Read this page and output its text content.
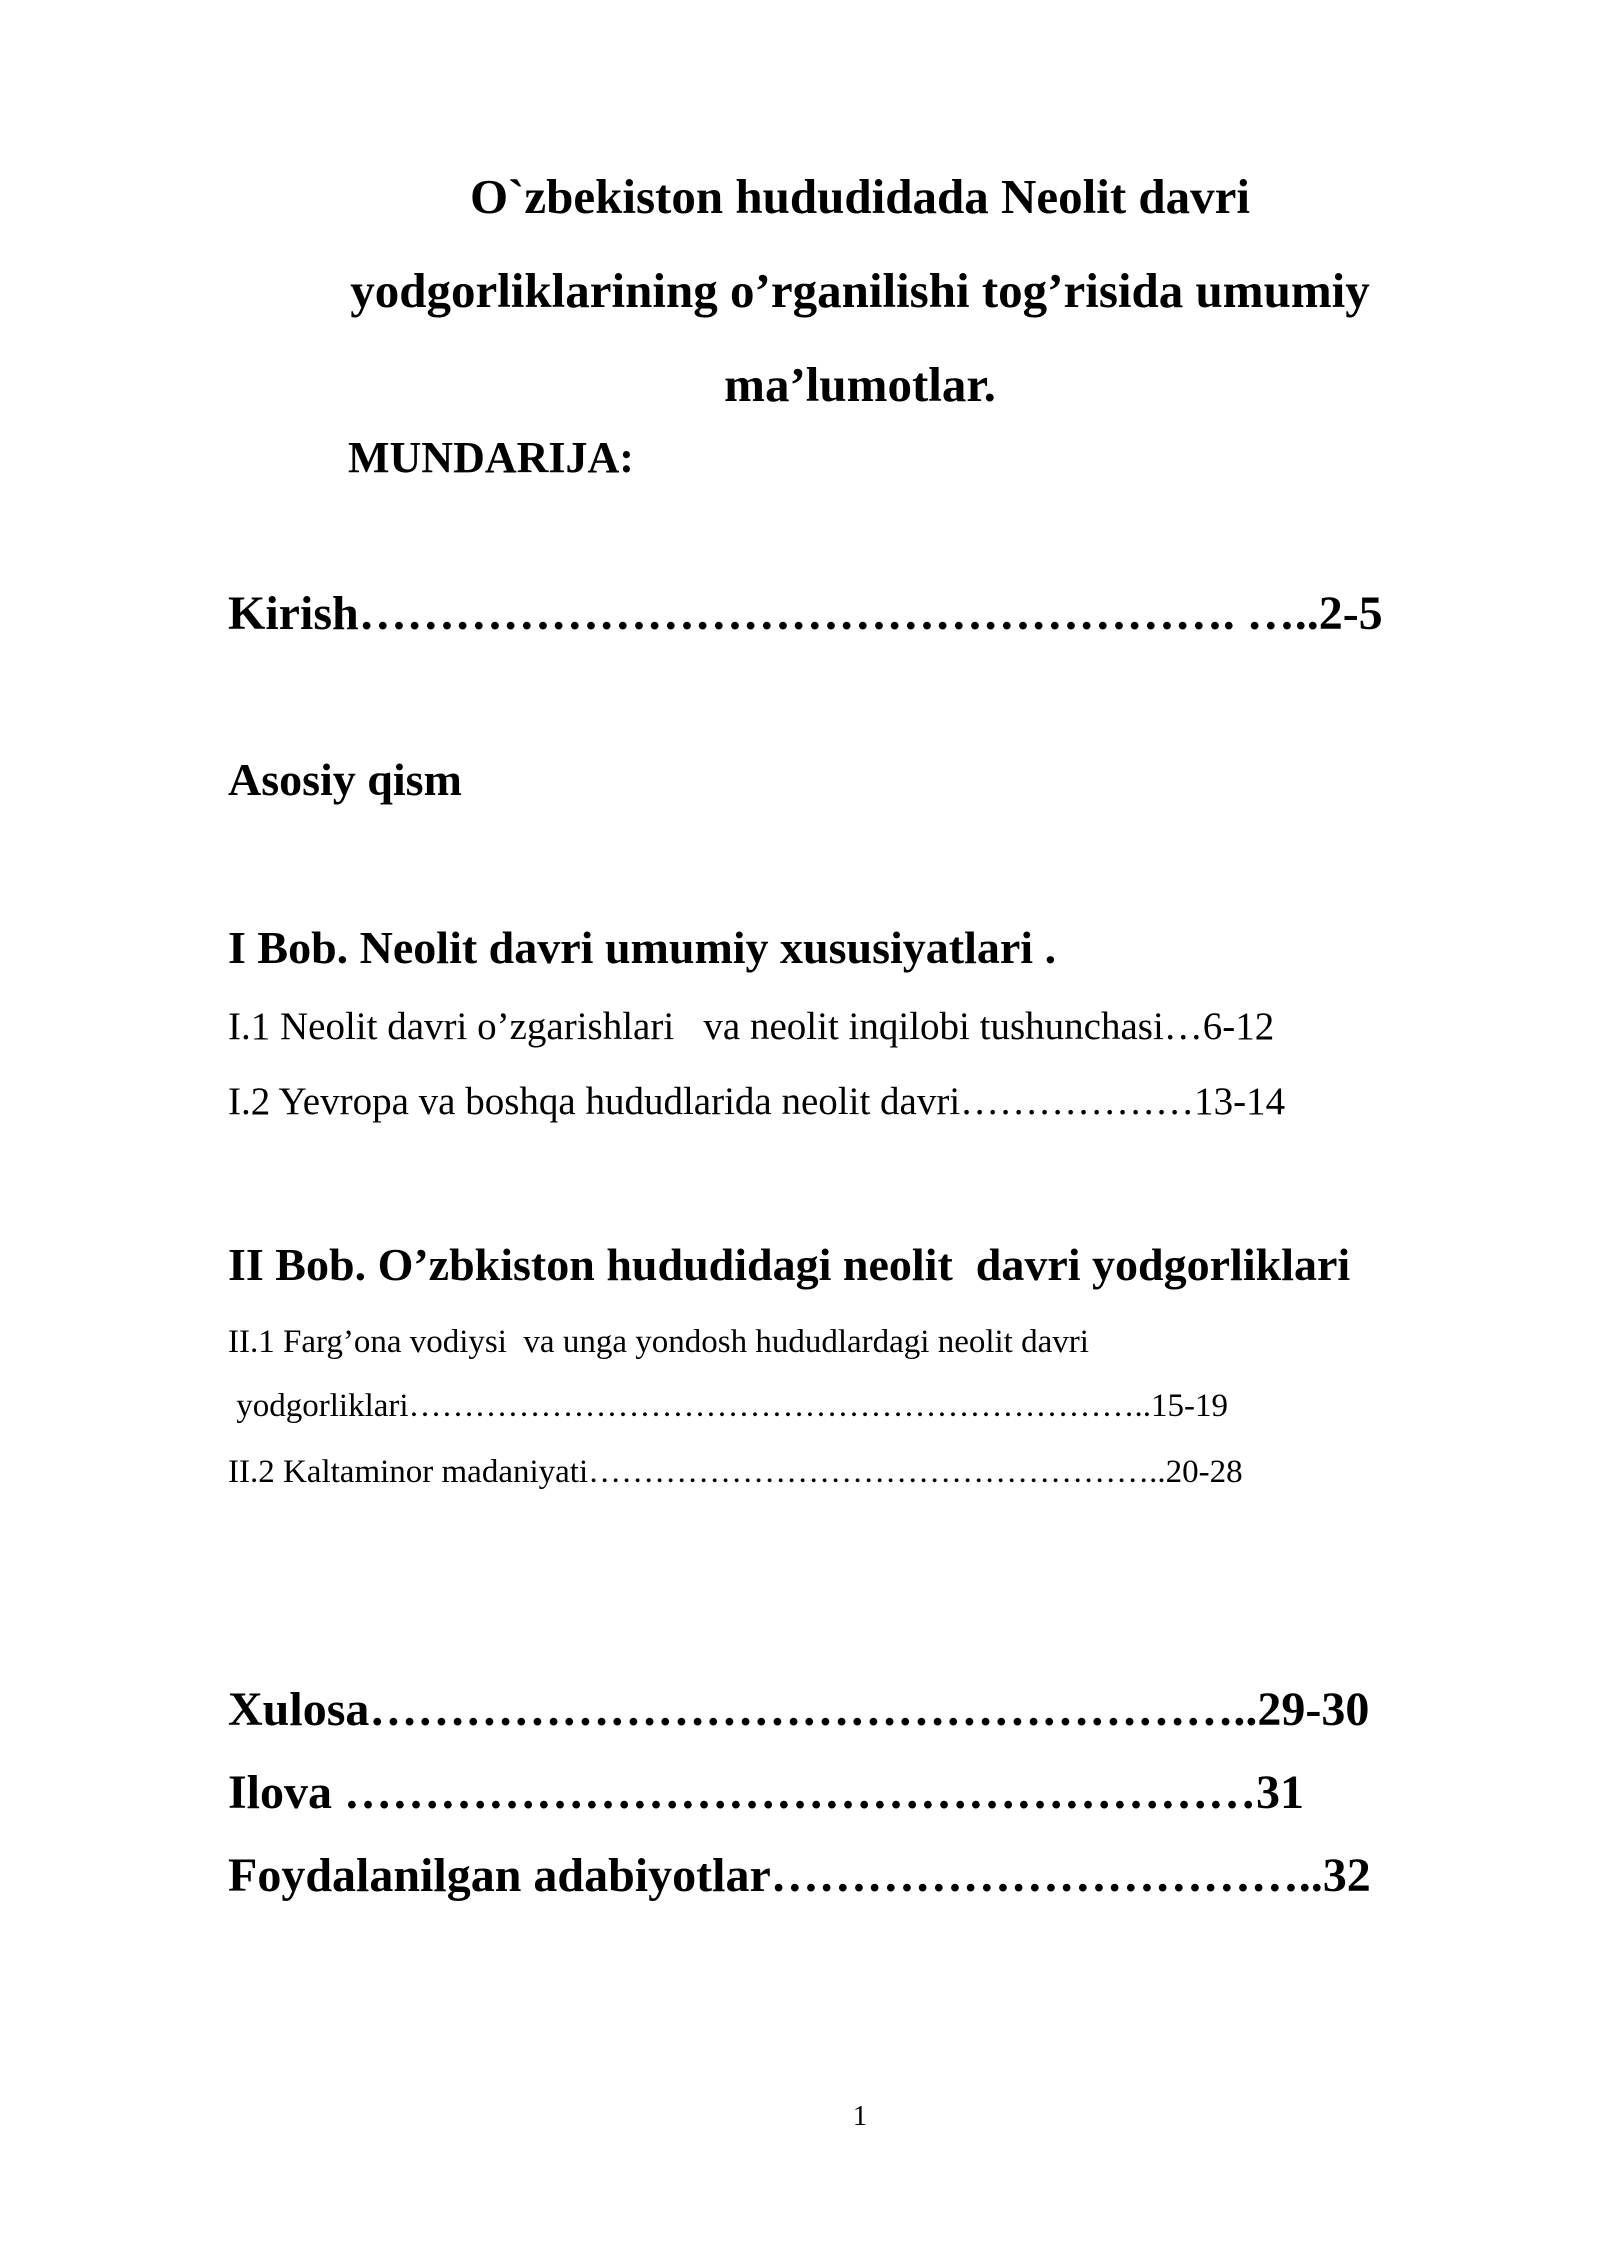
O`zbekiston hududidada Neolit davri
yodgorliklarining o’rganilishi tog’risida umumiy
ma’lumotlar.
MUNDARIJA:
Kirish………………………………………………. …..2-5
Asosiy qism
I Bob. Neolit davri umumiy xususiyatlari .
I.1 Neolit davri o’zgarishlari   va neolit inqilobi tushunchasi…6-12
I.2 Yevropa va boshqa hududlarida neolit davri………………13-14
II Bob. O’zbkiston hududidagi neolit  davri yodgorliklari
II.1 Farg’ona vodiysi  va unga yondosh hududlardagi neolit davri
yodgorliklari…………………………………………………………..15-19
II.2 Kaltaminor madaniyati……………………………………………..20-28
Xulosa………………………………………………..29-30
Ilova …………………………………………………31
Foydalanilgan adabiyotlar……………………………..32
1
